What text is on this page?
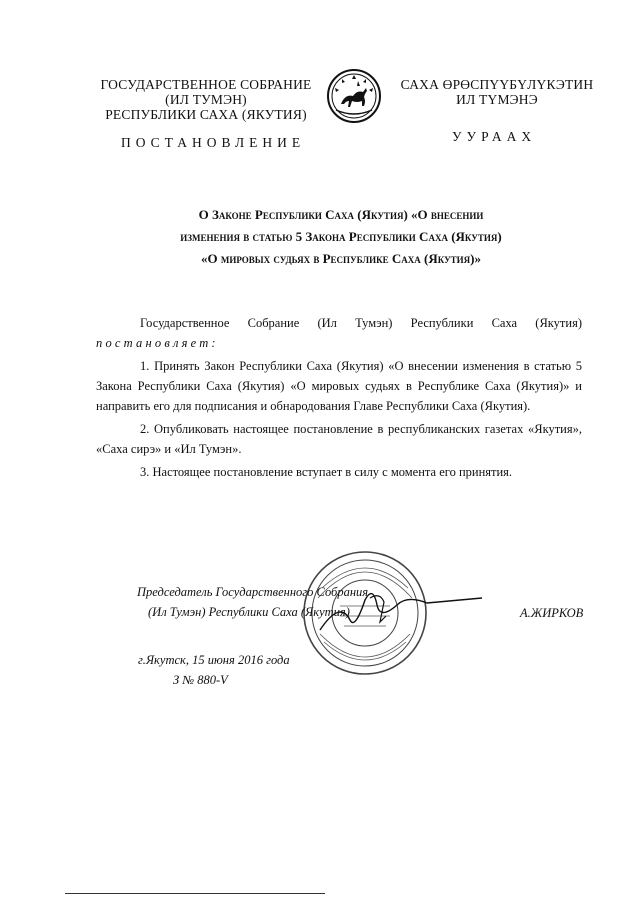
ГОСУДАРСТВЕННОЕ СОБРАНИЕ
(ИЛ ТУМЭН)
РЕСПУБЛИКИ САХА (ЯКУТИЯ)
САХА ӨРӨСПҮҮБҮЛҮКЭТИН
ИЛ ТҮМЭНЭ
ПОСТАНОВЛЕНИЕ	УУРААХ
О Законе Республики Саха (Якутия) «О внесении
изменения в статью 5 Закона Республики Саха (Якутия)
«О мировых судьях в Республике Саха (Якутия)»

Государственное Собрание (Ил Тумэн) Республики Саха (Якутия)

постановляет:

1. Принять Закон Республики Саха (Якутия) «О внесении изменения в статью 5 Закона Республики Саха (Якутия) «О мировых судьях в Республике Саха (Якутия)» и направить его для подписания и обнародования Главе Республики Саха (Якутия).

2. Опубликовать настоящее постановление в республиканских газетах «Якутия», «Саха сирэ» и «Ил Тумэн».

3. Настоящее постановление вступает в силу с момента его принятия.

Председатель Государственного Собрания
(Ил Тумэн) Республики Саха (Якутия)	А.ЖИРКОВ
г.Якутск, 15 июня 2016 года
З № 880-V
